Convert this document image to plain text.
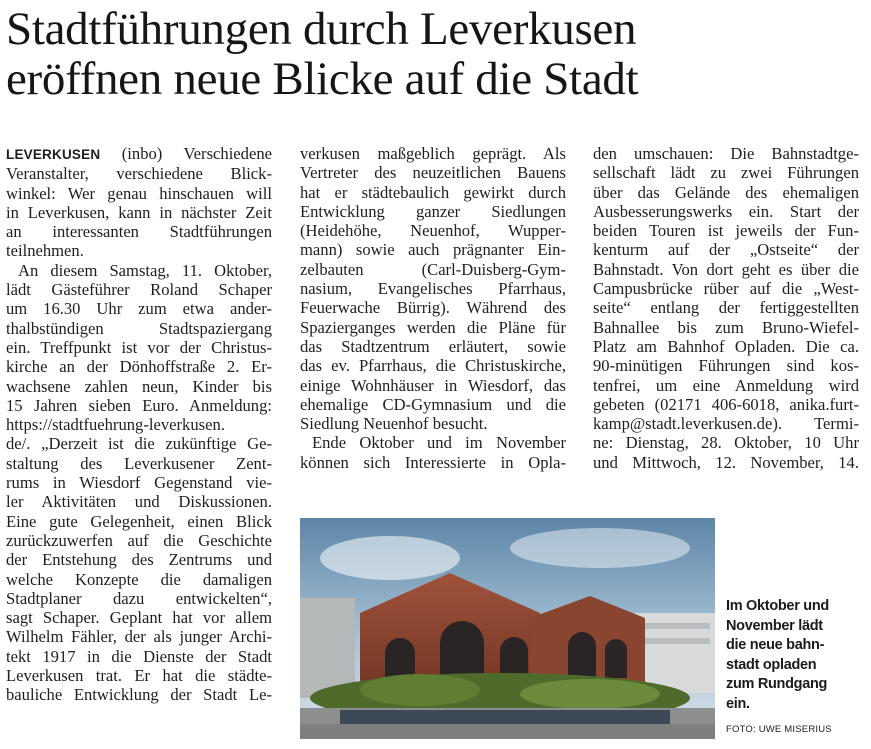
Stadtführungen durch Leverkusen
eröffnen neue Blicke auf die Stadt
LEVERKUSEN (inbo) Verschiedene
Veranstalter, verschiedene Blick-
winkel: Wer genau hinschauen will
in Leverkusen, kann in nächster Zeit
an interessanten Stadtführungen
teilnehmen.
An diesem Samstag, 11. Oktober,
lädt Gästeführer Roland Schaper
um 16.30 Uhr zum etwa ander-
thalbstündigen Stadtspaziergang
ein. Treffpunkt ist vor der Christus-
kirche an der Dönhoffstraße 2. Er-
wachsene zahlen neun, Kinder bis
15 Jahren sieben Euro. Anmeldung:
https://stadtfuehrung-leverkusen.
de/. „Derzeit ist die zukünftige Ge-
staltung des Leverkusener Zent-
rums in Wiesdorf Gegenstand vie-
ler Aktivitäten und Diskussionen.
Eine gute Gelegenheit, einen Blick
zurückzuwerfen auf die Geschichte
der Entstehung des Zentrums und
welche Konzepte die damaligen
Stadtplaner dazu entwickelten“,
sagt Schaper. Geplant hat vor allem
Wilhelm Fähler, der als junger Archi-
tekt 1917 in die Dienste der Stadt
Leverkusen trat. Er hat die städte-
bauliche Entwicklung der Stadt Le-
verkusen maßgeblich geprägt. Als
Vertreter des neuzeitlichen Bauens
hat er städtebaulich gewirkt durch
Entwicklung ganzer Siedlungen
(Heidehöhe, Neuenhof, Wupper-
mann) sowie auch prägnanter Ein-
zelbauten (Carl-Duisberg-Gym-
nasium, Evangelisches Pfarrhaus,
Feuerwache Bürrig). Während des
Spazierganges werden die Pläne für
das Stadtzentrum erläutert, sowie
das ev. Pfarrhaus, die Christuskirche,
einige Wohnhäuser in Wiesdorf, das
ehemalige CD-Gymnasium und die
Siedlung Neuenhof besucht.
Ende Oktober und im November
können sich Interessierte in Opla-
den umschauen: Die Bahnstadtge-
sellschaft lädt zu zwei Führungen
über das Gelände des ehemaligen
Ausbesserungswerks ein. Start der
beiden Touren ist jeweils der Fun-
kenturm auf der „Ostseite“ der
Bahnstadt. Von dort geht es über die
Campusbrücke rüber auf die „West-
seite“ entlang der fertiggestellten
Bahnallee bis zum Bruno-Wiefel-
Platz am Bahnhof Opladen. Die ca.
90-minütigen Führungen sind kos-
tenfrei, um eine Anmeldung wird
gebeten (02171 406-6018, anika.furt-
kamp@stadt.leverkusen.de). Termi-
ne: Dienstag, 28. Oktober, 10 Uhr
und Mittwoch, 12. November, 14.
Im Oktober und
November lädt
die neue bahn-
stadt opladen
zum Rundgang
ein.
FOTO: UWE MISERIUS
